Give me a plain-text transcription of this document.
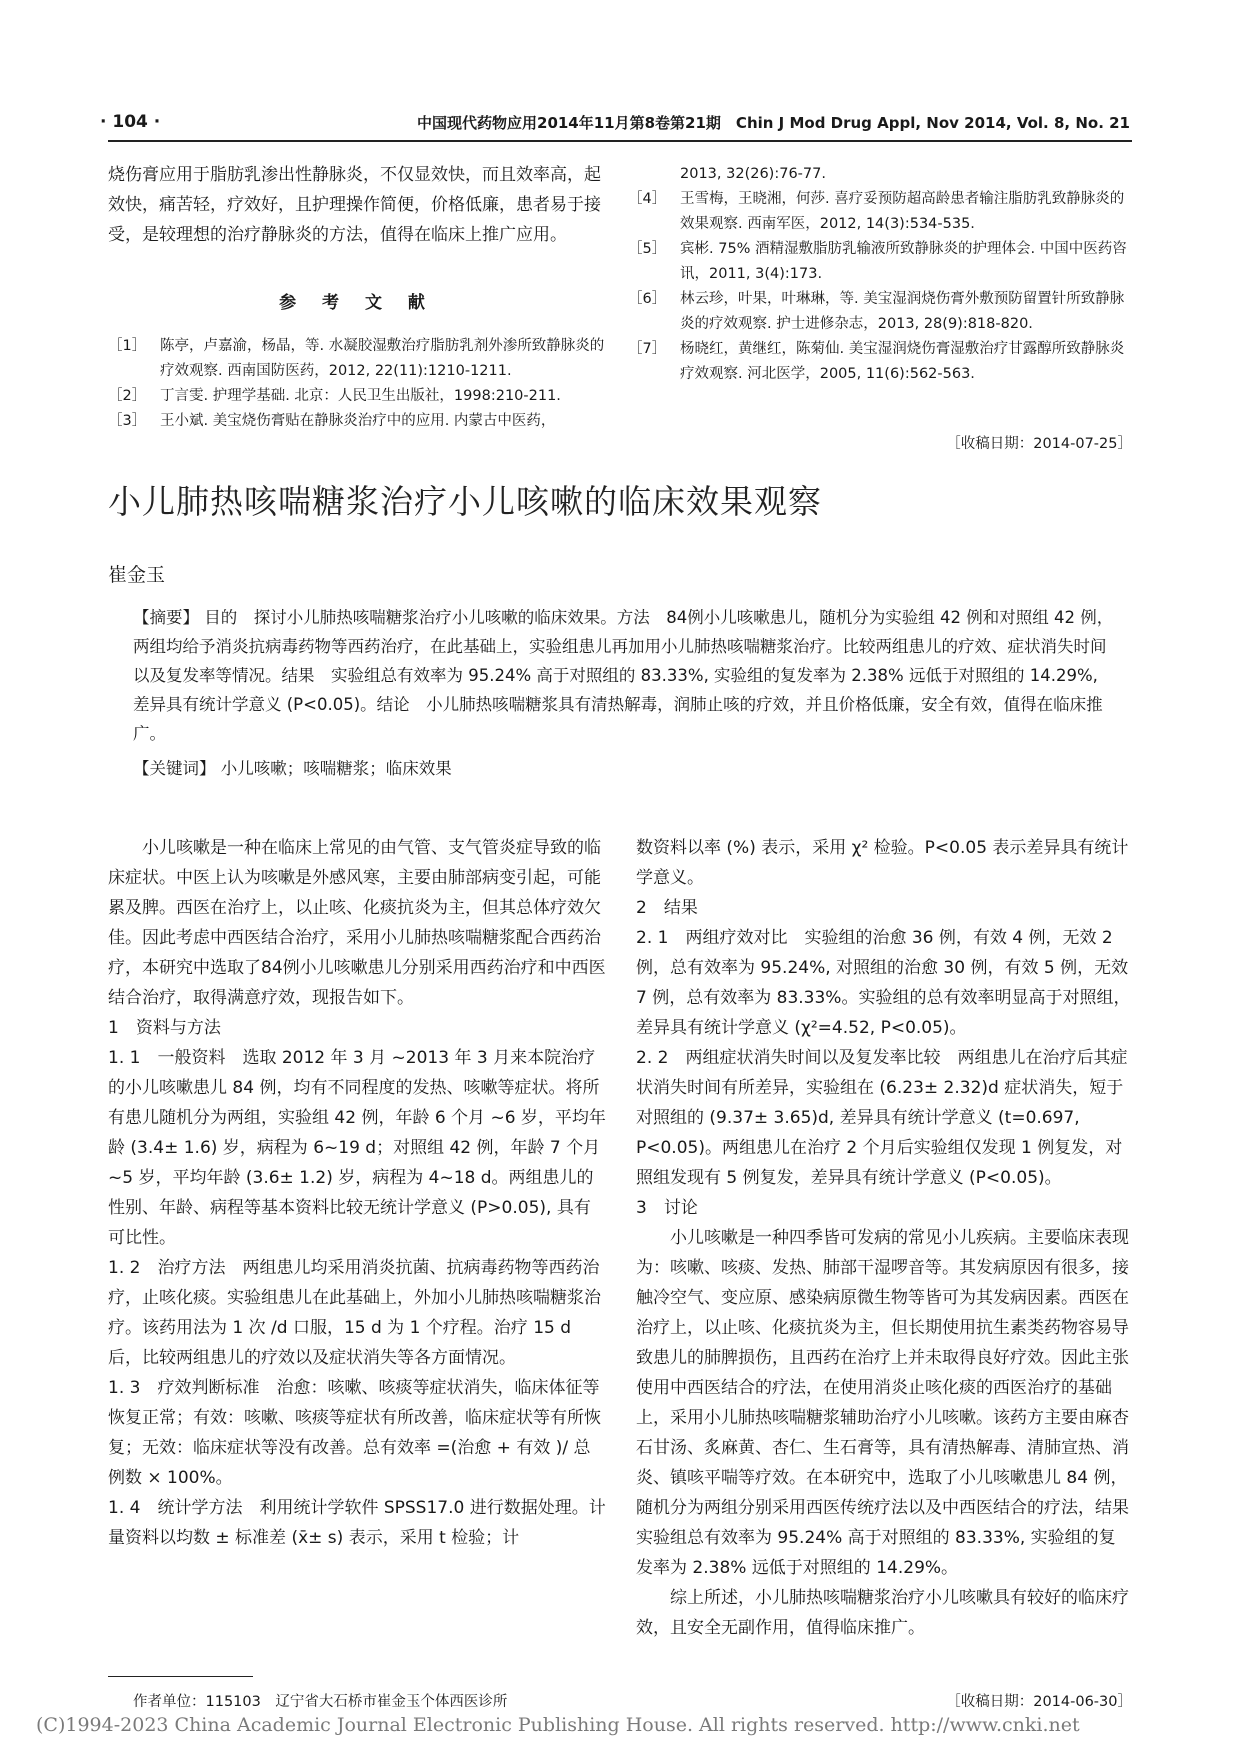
· 104 ·	中国现代药物应用2014年11月第8卷第21期　Chin J Mod Drug Appl, Nov 2014, Vol. 8, No. 21

烧伤膏应用于脂肪乳渗出性静脉炎，不仅显效快，而且效率高，起效快，痛苦轻，疗效好，且护理操作简便，价格低廉，患者易于接受，是较理想的治疗静脉炎的方法，值得在临床上推广应用。

参 考 文 献
［1］ 陈亭，卢嘉渝，杨晶，等. 水凝胶湿敷治疗脂肪乳剂外渗所致静脉炎的疗效观察. 西南国防医药，2012, 22(11):1210-1211.
［2］ 丁言雯. 护理学基础. 北京：人民卫生出版社，1998:210-211.
［3］ 王小斌. 美宝烧伤膏贴在静脉炎治疗中的应用. 内蒙古中医药，
2013, 32(26):76-77.
［4］ 王雪梅，王晓湘，何莎. 喜疗妥预防超高龄患者输注脂肪乳致静脉炎的效果观察. 西南军医，2012, 14(3):534-535.
［5］ 宾彬. 75% 酒精湿敷脂肪乳输液所致静脉炎的护理体会. 中国中医药咨讯，2011, 3(4):173.
［6］ 林云珍，叶果，叶琳琳，等. 美宝湿润烧伤膏外敷预防留置针所致静脉炎的疗效观察. 护士进修杂志，2013, 28(9):818-820.
［7］ 杨晓红，黄继红，陈菊仙. 美宝湿润烧伤膏湿敷治疗甘露醇所致静脉炎疗效观察. 河北医学，2005, 11(6):562-563.
［收稿日期：2014-07-25］
小儿肺热咳喘糖浆治疗小儿咳嗽的临床效果观察
崔金玉

【摘要】 目的　探讨小儿肺热咳喘糖浆治疗小儿咳嗽的临床效果。方法　84例小儿咳嗽患儿，随机分为实验组 42 例和对照组 42 例，两组均给予消炎抗病毒药物等西药治疗，在此基础上，实验组患儿再加用小儿肺热咳喘糖浆治疗。比较两组患儿的疗效、症状消失时间以及复发率等情况。结果　实验组总有效率为 95.24% 高于对照组的 83.33%, 实验组的复发率为 2.38% 远低于对照组的 14.29%, 差异具有统计学意义 (P<0.05)。结论　小儿肺热咳喘糖浆具有清热解毒，润肺止咳的疗效，并且价格低廉，安全有效，值得在临床推广。

【关键词】 小儿咳嗽；咳喘糖浆；临床效果

小儿咳嗽是一种在临床上常见的由气管、支气管炎症导致的临床症状。中医上认为咳嗽是外感风寒，主要由肺部病变引起，可能累及脾。西医在治疗上，以止咳、化痰抗炎为主，但其总体疗效欠佳。因此考虑中西医结合治疗，采用小儿肺热咳喘糖浆配合西药治疗，本研究中选取了84例小儿咳嗽患儿分别采用西药治疗和中西医结合治疗，取得满意疗效，现报告如下。

1　资料与方法

1. 1　一般资料　选取 2012 年 3 月 ~2013 年 3 月来本院治疗的小儿咳嗽患儿 84 例，均有不同程度的发热、咳嗽等症状。将所有患儿随机分为两组，实验组 42 例，年龄 6 个月 ~6 岁，平均年龄 (3.4± 1.6) 岁，病程为 6~19 d；对照组 42 例，年龄 7 个月 ~5 岁，平均年龄 (3.6± 1.2) 岁，病程为 4~18 d。两组患儿的性别、年龄、病程等基本资料比较无统计学意义 (P>0.05), 具有可比性。

1. 2　治疗方法　两组患儿均采用消炎抗菌、抗病毒药物等西药治疗，止咳化痰。实验组患儿在此基础上，外加小儿肺热咳喘糖浆治疗。该药用法为 1 次 /d 口服，15 d 为 1 个疗程。治疗 15 d 后，比较两组患儿的疗效以及症状消失等各方面情况。

1. 3　疗效判断标准　治愈：咳嗽、咳痰等症状消失，临床体征等恢复正常；有效：咳嗽、咳痰等症状有所改善，临床症状等有所恢复；无效：临床症状等没有改善。总有效率 =(治愈 + 有效 )/ 总例数 × 100%。

1. 4　统计学方法　利用统计学软件 SPSS17.0 进行数据处理。计量资料以均数 ± 标准差 (x̄± s) 表示，采用 t 检验；计

数资料以率 (%) 表示，采用 χ² 检验。P<0.05 表示差异具有统计学意义。

2　结果

2. 1　两组疗效对比　实验组的治愈 36 例，有效 4 例，无效 2 例，总有效率为 95.24%, 对照组的治愈 30 例，有效 5 例，无效 7 例，总有效率为 83.33%。实验组的总有效率明显高于对照组，差异具有统计学意义 (χ²=4.52, P<0.05)。

2. 2　两组症状消失时间以及复发率比较　两组患儿在治疗后其症状消失时间有所差异，实验组在 (6.23± 2.32)d 症状消失，短于对照组的 (9.37± 3.65)d, 差异具有统计学意义 (t=0.697, P<0.05)。两组患儿在治疗 2 个月后实验组仅发现 1 例复发，对照组发现有 5 例复发，差异具有统计学意义 (P<0.05)。

3　讨论

小儿咳嗽是一种四季皆可发病的常见小儿疾病。主要临床表现为：咳嗽、咳痰、发热、肺部干湿啰音等。其发病原因有很多，接触冷空气、变应原、感染病原微生物等皆可为其发病因素。西医在治疗上，以止咳、化痰抗炎为主，但长期使用抗生素类药物容易导致患儿的肺脾损伤，且西药在治疗上并未取得良好疗效。因此主张使用中西医结合的疗法，在使用消炎止咳化痰的西医治疗的基础上，采用小儿肺热咳喘糖浆辅助治疗小儿咳嗽。该药方主要由麻杏石甘汤、炙麻黄、杏仁、生石膏等，具有清热解毒、清肺宣热、消炎、镇咳平喘等疗效。在本研究中，选取了小儿咳嗽患儿 84 例，随机分为两组分别采用西医传统疗法以及中西医结合的疗法，结果实验组总有效率为 95.24% 高于对照组的 83.33%, 实验组的复发率为 2.38% 远低于对照组的 14.29%。

综上所述，小儿肺热咳喘糖浆治疗小儿咳嗽具有较好的临床疗效，且安全无副作用，值得临床推广。

作者单位：115103　辽宁省大石桥市崔金玉个体西医诊所	［收稿日期：2014-06-30］
(C)1994-2023 China Academic Journal Electronic Publishing House. All rights reserved. http://www.cnki.net
